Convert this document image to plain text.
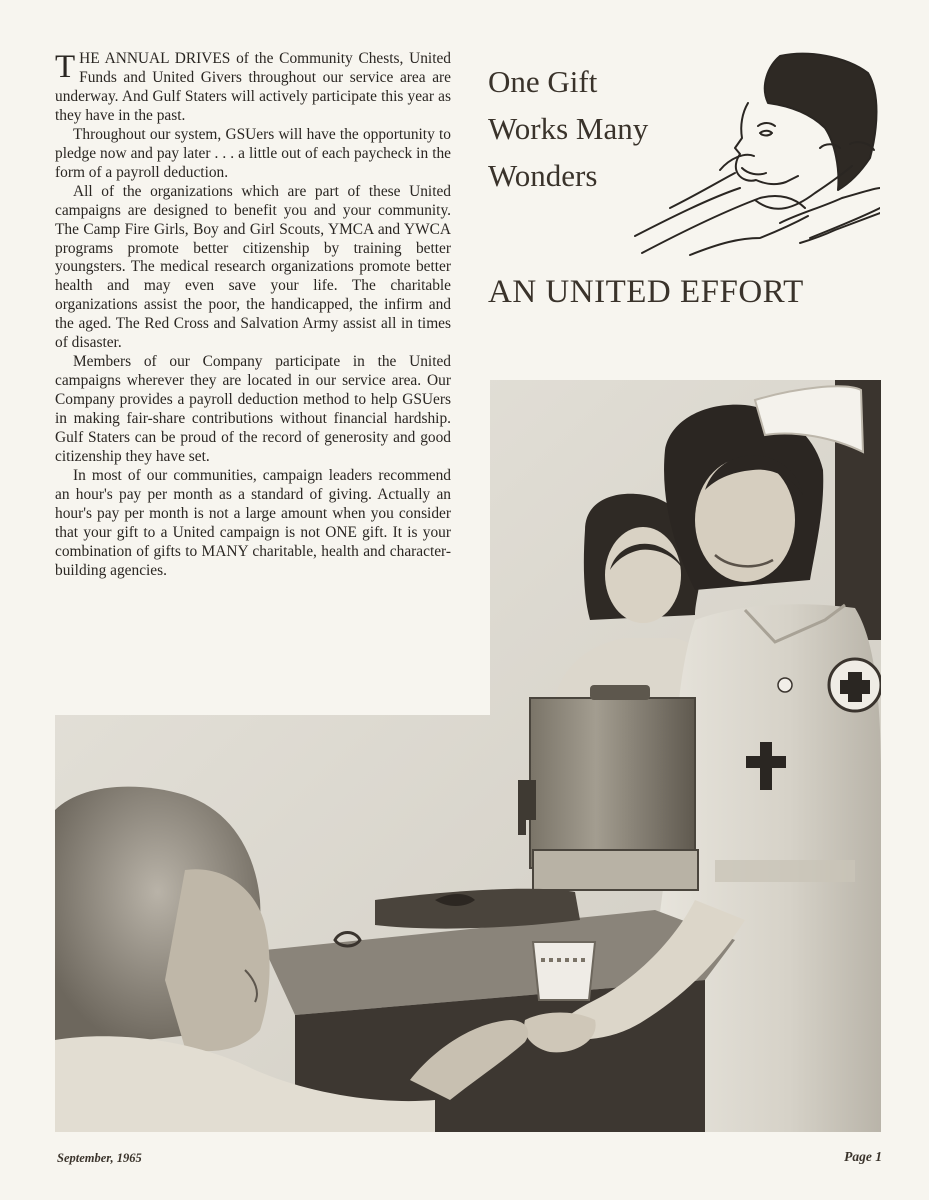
THE ANNUAL DRIVES of the Community Chests, United Funds and United Givers throughout our service area are underway. And Gulf Staters will actively participate this year as they have in the past.

Throughout our system, GSUers will have the opportunity to pledge now and pay later . . . a little out of each paycheck in the form of a payroll deduction.

All of the organizations which are part of these United campaigns are designed to benefit you and your community. The Camp Fire Girls, Boy and Girl Scouts, YMCA and YWCA programs promote better citizenship by training better youngsters. The medical research organizations promote better health and may even save your life. The charitable organizations assist the poor, the handicapped, the infirm and the aged. The Red Cross and Salvation Army assist all in times of disaster.

Members of our Company participate in the United campaigns wherever they are located in our service area. Our Company provides a payroll deduction method to help GSUers in making fair-share contributions without financial hardship. Gulf Staters can be proud of the record of generosity and good citizenship they have set.

In most of our communities, campaign leaders recommend an hour's pay per month as a standard of giving. Actually an hour's pay per month is not a large amount when you consider that your gift to a United campaign is not ONE gift. It is your combination of gifts to MANY charitable, health and character-building agencies.

One Gift
Works Many
Wonders
AN UNITED EFFORT
September, 1965	Page 1
